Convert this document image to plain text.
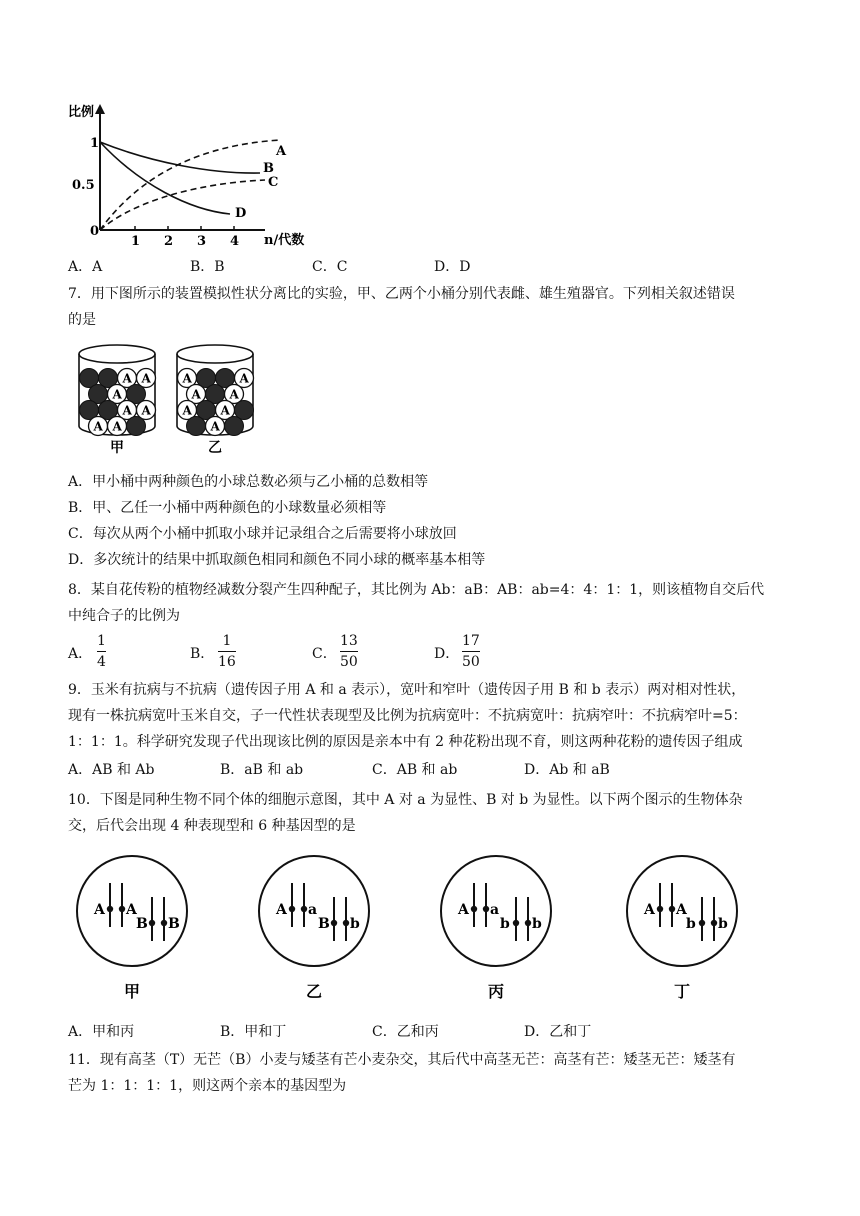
比例
n/代数
1
0.5
0
1 2 3 4
A
B
C
D
A．A	B．B	C．C	D．D
7．用下图所示的装置模拟性状分离比的实验，甲、乙两个小桶分别代表雌、雄生殖器官。下列相关叙述错误
的是
A A
A
A A
A A
A	A
A A
A A
A
甲	乙
A．甲小桶中两种颜色的小球总数必须与乙小桶的总数相等
B．甲、乙任一小桶中两种颜色的小球数量必须相等
C．每次从两个小桶中抓取小球并记录组合之后需要将小球放回
D．多次统计的结果中抓取颜色相同和颜色不同小球的概率基本相等
8．某自花传粉的植物经减数分裂产生四种配子，其比例为 Ab：aB：AB：ab=4：4：1：1，则该植物自交后代
中纯合子的比例为
A．
1
4	B．
1
16	C．
13
50	D．
17
50
9．玉米有抗病与不抗病（遗传因子用 A 和 a 表示），宽叶和窄叶（遗传因子用 B 和 b 表示）两对相对性状，
现有一株抗病宽叶玉米自交，子一代性状表现型及比例为抗病宽叶：不抗病宽叶：抗病窄叶：不抗病窄叶=5：
1：1：1。科学研究发现子代出现该比例的原因是亲本中有 2 种花粉出现不育，则这两种花粉的遗传因子组成
A．AB 和 Ab	B．aB 和 ab	C．AB 和 ab	D．Ab 和 aB
10．下图是同种生物不同个体的细胞示意图，其中 A 对 a 为显性、B 对 b 为显性。以下两个图示的生物体杂
交，后代会出现 4 种表现型和 6 种基因型的是
A A
B B
甲
A a
B b
乙
A a
b b
丙
A A
b b
丁
A．甲和丙	B．甲和丁	C．乙和丙	D．乙和丁
11．现有高茎（T）无芒（B）小麦与矮茎有芒小麦杂交，其后代中高茎无芒：高茎有芒：矮茎无芒：矮茎有
芒为 1：1：1：1，则这两个亲本的基因型为
